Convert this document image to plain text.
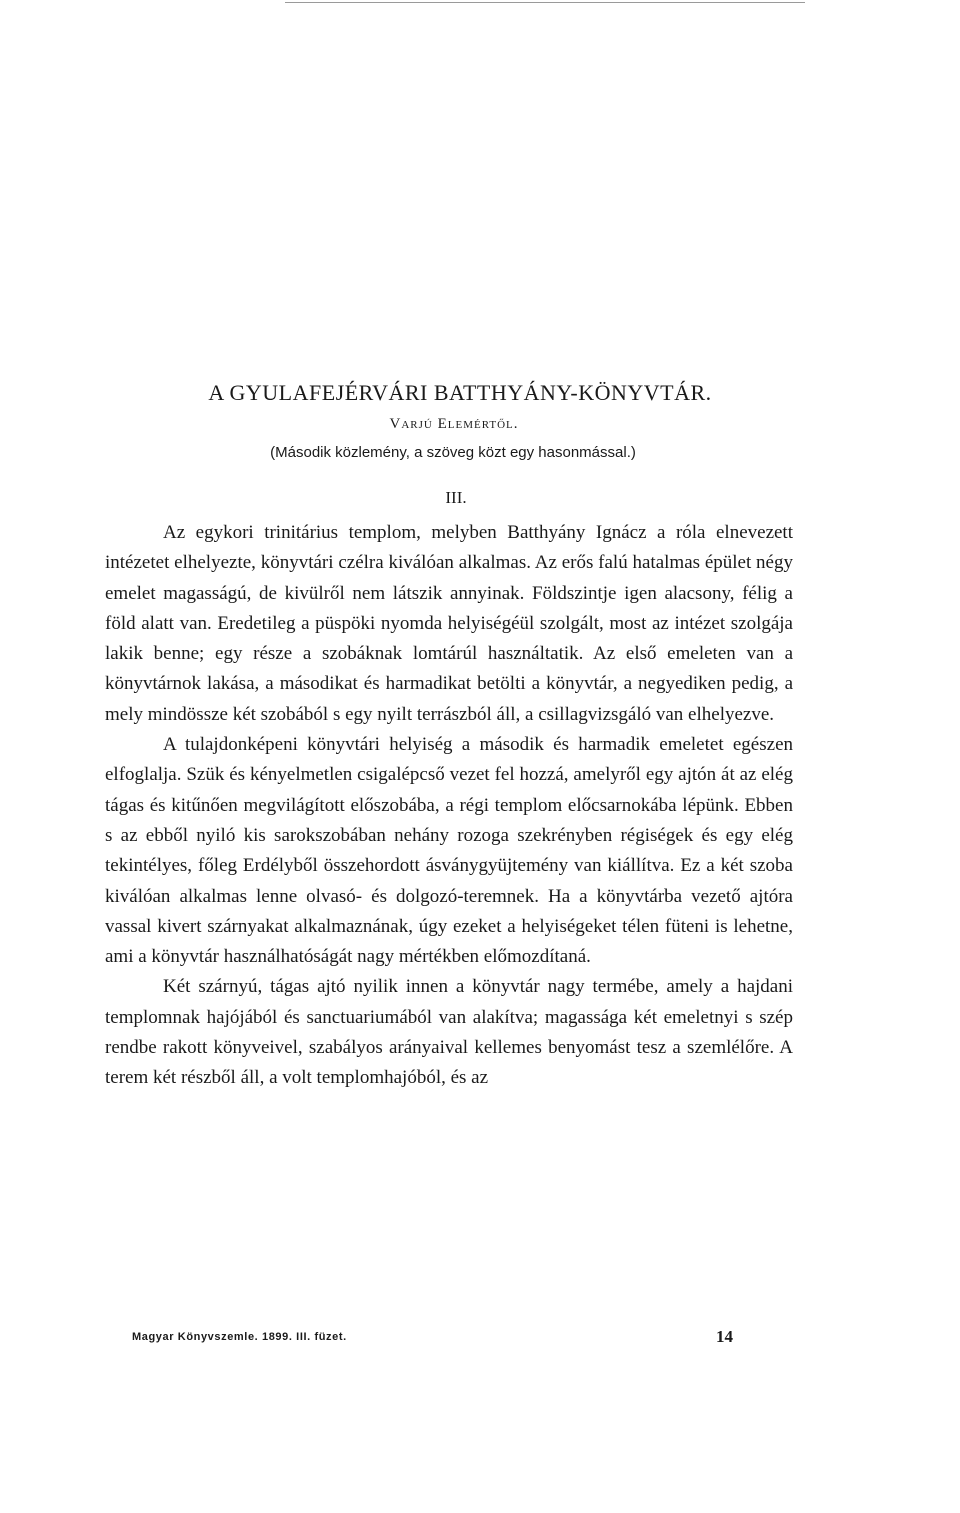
A GYULAFEJÉRVÁRI BATTHYÁNY-KÖNYVTÁR.
Varjú Elemértől.
(Második közlemény, a szöveg közt egy hasonmással.)
III.

Az egykori trinitárius templom, melyben Batthyány Ignácz a róla elnevezett intézetet elhelyezte, könyvtári czélra kiválóan alkalmas. Az erős falú hatalmas épület négy emelet magasságú, de kivülről nem látszik annyinak. Földszintje igen alacsony, félig a föld alatt van. Eredetileg a püspöki nyomda helyiségéül szolgált, most az intézet szolgája lakik benne; egy része a szobáknak lomtárúl használtatik. Az első emeleten van a könyvtárnok lakása, a másodikat és harmadikat betölti a könyvtár, a negyediken pedig, a mely mindössze két szobából s egy nyilt terrászból áll, a csillagvizsgáló van elhelyezve.

A tulajdonképeni könyvtári helyiség a második és harmadik emeletet egészen elfoglalja. Szük és kényelmetlen csigalépcső vezet fel hozzá, amelyről egy ajtón át az elég tágas és kitűnően megvilágított előszobába, a régi templom előcsarnokába lépünk. Ebben s az ebből nyiló kis sarokszobában nehány rozoga szekrényben régiségek és egy elég tekintélyes, főleg Erdélyből összehordott ásványgyüjtemény van kiállítva. Ez a két szoba kiválóan alkalmas lenne olvasó- és dolgozó-teremnek. Ha a könyvtárba vezető ajtóra vassal kivert szárnyakat alkalmaznának, úgy ezeket a helyiségeket télen füteni is lehetne, ami a könyvtár használhatóságát nagy mértékben előmozdítaná.

Két szárnyú, tágas ajtó nyilik innen a könyvtár nagy termébe, amely a hajdani templomnak hajójából és sanctuariumából van alakítva; magassága két emeletnyi s szép rendbe rakott könyveivel, szabályos arányaival kellemes benyomást tesz a szemlélőre. A terem két részből áll, a volt templomhajóból, és az

Magyar Könyvszemle. 1899. III. füzet.	14
